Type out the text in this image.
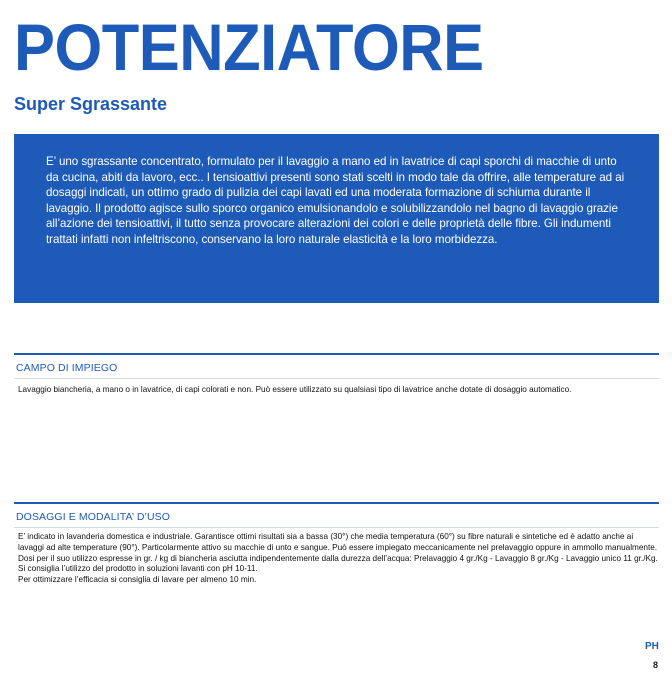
POTENZIATORE
Super Sgrassante

E’ uno sgrassante concentrato, formulato per il lavaggio a mano ed in lavatrice di capi sporchi di macchie di unto da cucina, abiti da lavoro, ecc.. I tensioattivi presenti sono stati scelti in modo tale da offrire, alle temperature ad ai dosaggi indicati, un ottimo grado di pulizia dei capi lavati ed una moderata formazione di schiuma durante il lavaggio. Il prodotto agisce sullo sporco organico emulsionandolo e solubilizzandolo nel bagno di lavaggio grazie all’azione dei tensioattivi, il tutto senza provocare alterazioni dei colori e delle proprietà delle fibre. Gli indumenti trattati infatti non infeltriscono, conservano la loro naturale elasticità e la loro morbidezza.

CAMPO DI IMPIEGO

Lavaggio biancheria, a mano o in lavatrice, di capi colorati e non. Può essere utilizzato su qualsiasi tipo di lavatrice anche dotate di dosaggio automatico.

DOSAGGI E MODALITA’ D’USO

E’ indicato in lavanderia domestica e industriale. Garantisce ottimi risultati sia a bassa (30°) che media temperatura (60°) su fibre naturali e sintetiche ed è adatto anche ai lavaggi ad alte temperature (90°). Particolarmente attivo su macchie di unto e sangue. Può essere impiegato meccanicamente nel prelavaggio oppure in ammollo manualmente.

Dosi per il suo utilizzo espresse in gr. / kg di biancheria asciutta indipendentemente dalla durezza dell’acqua: Prelavaggio 4 gr./Kg - Lavaggio 8 gr./Kg - Lavaggio unico 11 gr./Kg. Si consiglia l’utilizzo del prodotto in soluzioni lavanti con pH 10-11.

Per ottimizzare l’efficacia si consiglia di lavare per almeno 10 min.

PH
8
